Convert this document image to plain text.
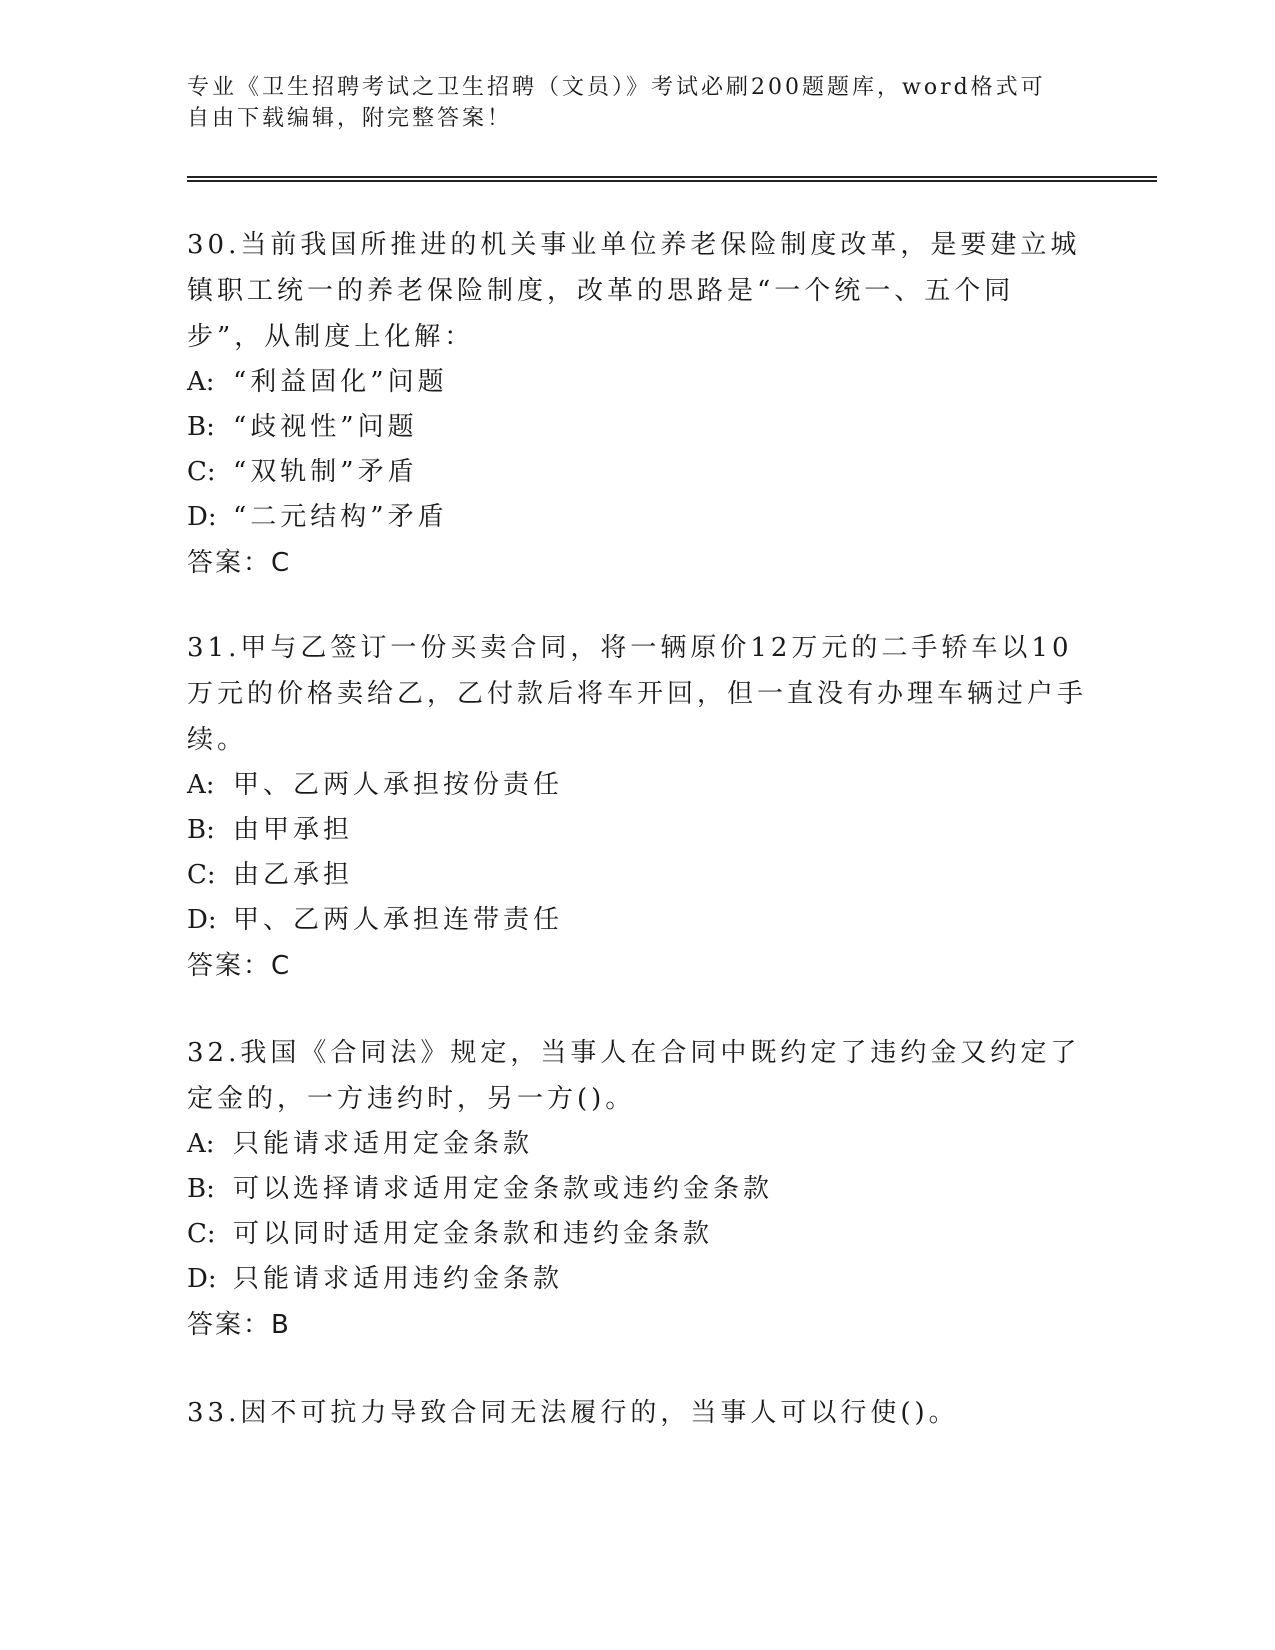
专业《卫生招聘考试之卫生招聘（文员）》考试必刷200题题库，word格式可自由下载编辑，附完整答案！

30.当前我国所推进的机关事业单位养老保险制度改革，是要建立城镇职工统一的养老保险制度，改革的思路是“一个统一、五个同步”，从制度上化解：

A: “利益固化”问题
B: “歧视性”问题
C: “双轨制”矛盾
D: “二元结构”矛盾

答案：C

31.甲与乙签订一份买卖合同，将一辆原价12万元的二手轿车以10万元的价格卖给乙，乙付款后将车开回，但一直没有办理车辆过户手续。

A: 甲、乙两人承担按份责任
B: 由甲承担
C: 由乙承担
D: 甲、乙两人承担连带责任

答案：C

32.我国《合同法》规定，当事人在合同中既约定了违约金又约定了定金的，一方违约时，另一方()。

A: 只能请求适用定金条款
B: 可以选择请求适用定金条款或违约金条款
C: 可以同时适用定金条款和违约金条款
D: 只能请求适用违约金条款

答案：B

33.因不可抗力导致合同无法履行的，当事人可以行使()。
